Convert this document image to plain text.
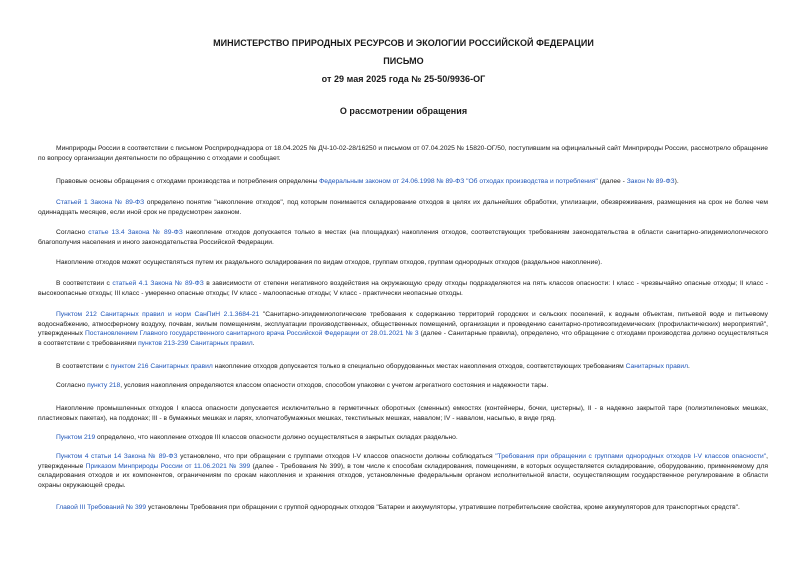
МИНИСТЕРСТВО ПРИРОДНЫХ РЕСУРСОВ И ЭКОЛОГИИ РОССИЙСКОЙ ФЕДЕРАЦИИ
ПИСЬМО
от 29 мая 2025 года № 25-50/9936-ОГ
О рассмотрении обращения

Минприроды России в соответствии с письмом Росприроднадзора от 18.04.2025 № ДЧ-10-02-28/16250 и письмом от 07.04.2025 № 15820-ОГ/50, поступившим на официальный сайт Минприроды России, рассмотрело обращение по вопросу организации деятельности по обращению с отходами и сообщает.

Правовые основы обращения с отходами производства и потребления определены Федеральным законом от 24.06.1998 № 89-ФЗ "Об отходах производства и потребления" (далее - Закон № 89-ФЗ).

Статьей 1 Закона № 89-ФЗ определено понятие "накопление отходов", под которым понимается складирование отходов в целях их дальнейших обработки, утилизации, обезвреживания, размещения на срок не более чем одиннадцать месяцев, если иной срок не предусмотрен законом.

Согласно статье 13.4 Закона № 89-ФЗ накопление отходов допускается только в местах (на площадках) накопления отходов, соответствующих требованиям законодательства в области санитарно-эпидемиологического благополучия населения и иного законодательства Российской Федерации.

Накопление отходов может осуществляться путем их раздельного складирования по видам отходов, группам отходов, группам однородных отходов (раздельное накопление).

В соответствии с статьей 4.1 Закона № 89-ФЗ в зависимости от степени негативного воздействия на окружающую среду отходы подразделяются на пять классов опасности: I класс - чрезвычайно опасные отходы; II класс - высокоопасные отходы; III класс - умеренно опасные отходы; IV класс - малоопасные отходы; V класс - практически неопасные отходы.

Пунктом 212 Санитарных правил и норм СанПиН 2.1.3684-21 "Санитарно-эпидемиологические требования к содержанию территорий городских и сельских поселений, к водным объектам, питьевой воде и питьевому водоснабжению, атмосферному воздуху, почвам, жилым помещениям, эксплуатации производственных, общественных помещений, организации и проведению санитарно-противоэпидемических (профилактических) мероприятий", утвержденных Постановлением Главного государственного санитарного врача Российской Федерации от 28.01.2021 № 3 (далее - Санитарные правила), определено, что обращение с отходами производства должно осуществляться в соответствии с требованиями пунктов 213-239 Санитарных правил.

В соответствии с пунктом 216 Санитарных правил накопление отходов допускается только в специально оборудованных местах накопления отходов, соответствующих требованиям Санитарных правил.

Согласно пункту 218, условия накопления определяются классом опасности отходов, способом упаковки с учетом агрегатного состояния и надежности тары.

Накопление промышленных отходов I класса опасности допускается исключительно в герметичных оборотных (сменных) емкостях (контейнеры, бочки, цистерны), II - в надежно закрытой таре (полиэтиленовых мешках, пластиковых пакетах), на поддонах; III - в бумажных мешках и ларях, хлопчатобумажных мешках, текстильных мешках, навалом; IV - навалом, насыпью, в виде гряд.

Пунктом 219 определено, что накопление отходов III классов опасности должно осуществляться в закрытых складах раздельно.

Пунктом 4 статьи 14 Закона № 89-ФЗ установлено, что при обращении с группами отходов I-V классов опасности должны соблюдаться "Требования при обращении с группами однородных отходов I-V классов опасности", утвержденные Приказом Минприроды России от 11.06.2021 № 399 (далее - Требования № 399), в том числе к способам складирования, помещениям, в которых осуществляется складирование, оборудованию, применяемому для складирования отходов и их компонентов, ограничениям по срокам накопления и хранения отходов, установленные федеральным органом исполнительной власти, осуществляющим государственное регулирование в области охраны окружающей среды.

Главой III Требований № 399 установлены Требования при обращении с группой однородных отходов "Батареи и аккумуляторы, утратившие потребительские свойства, кроме аккумуляторов для транспортных средств".
